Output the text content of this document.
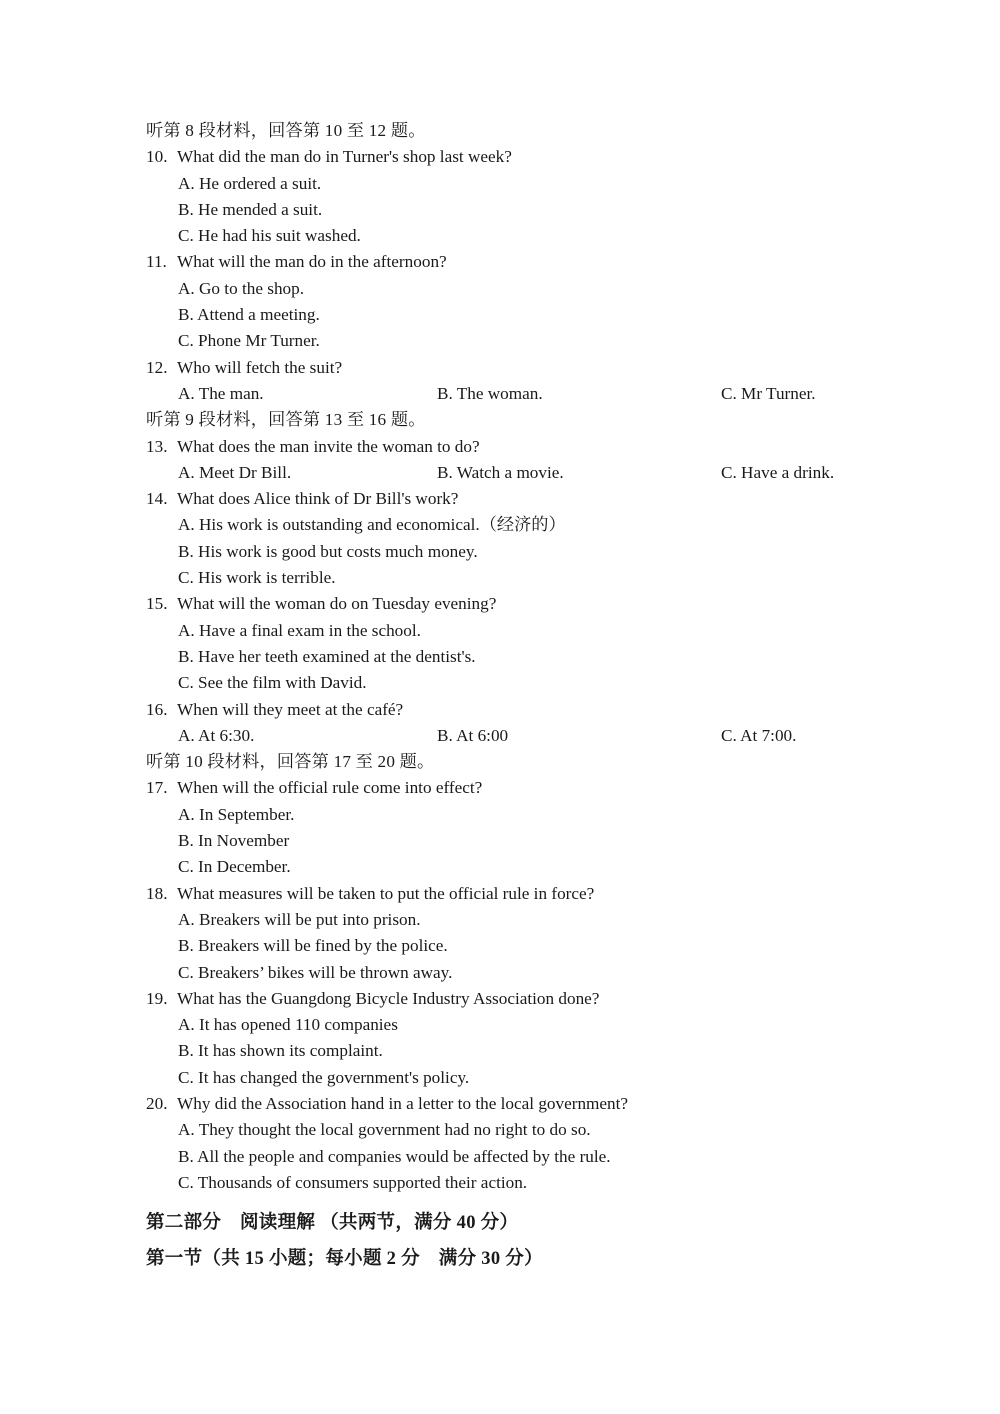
听第 8 段材料，回答第 10 至 12 题。
10. What did the man do in Turner's shop last week?
A. He ordered a suit.
B. He mended a suit.
C. He had his suit washed.
11. What will the man do in the afternoon?
A. Go to the shop.
B. Attend a meeting.
C. Phone Mr Turner.
12. Who will fetch the suit?
A. The man.	B. The woman.	C. Mr Turner.
听第 9 段材料，回答第 13 至 16 题。
13. What does the man invite the woman to do?
A. Meet Dr Bill.	B. Watch a movie.	C. Have a drink.
14. What does Alice think of Dr Bill's work?
A. His work is outstanding and economical.（经济的）
B. His work is good but costs much money.
C. His work is terrible.
15. What will the woman do on Tuesday evening?
A. Have a final exam in the school.
B. Have her teeth examined at the dentist's.
C. See the film with David.
16. When will they meet at the café?
A. At 6:30.	B. At 6:00	C. At 7:00.
听第 10 段材料，回答第 17 至 20 题。
17. When will the official rule come into effect?
A. In September.
B. In November
C. In December.
18. What measures will be taken to put the official rule in force?
A. Breakers will be put into prison.
B. Breakers will be fined by the police.
C. Breakers’ bikes will be thrown away.
19. What has the Guangdong Bicycle Industry Association done?
A. It has opened 110 companies
B. It has shown its complaint.
C. It has changed the government's policy.
20. Why did the Association hand in a letter to the local government?
A. They thought the local government had no right to do so.
B. All the people and companies would be affected by the rule.
C. Thousands of consumers supported their action.
第二部分　阅读理解 （共两节，满分 40 分）
第一节（共 15 小题；每小题 2 分　满分 30 分）
